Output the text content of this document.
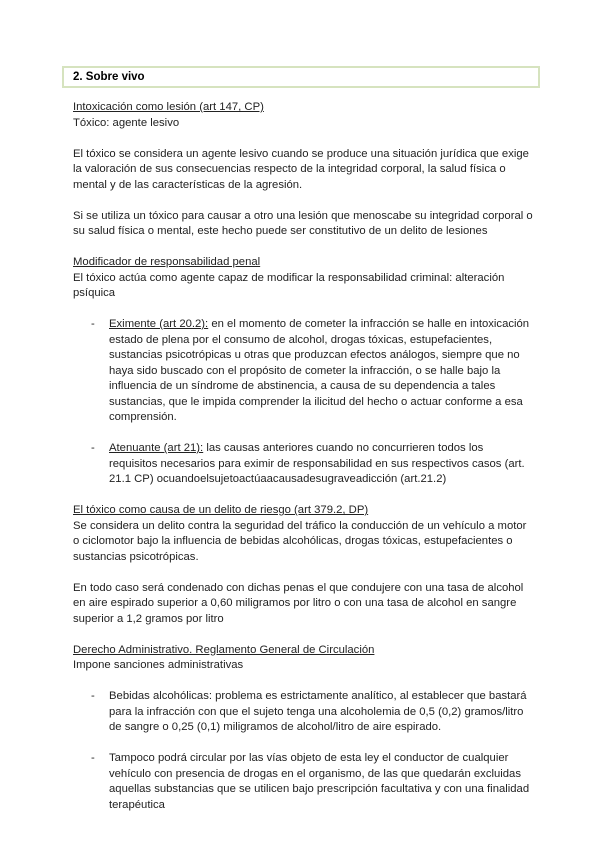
2. Sobre vivo

Intoxicación como lesión (art 147, CP)

Tóxico: agente lesivo

El tóxico se considera un agente lesivo cuando se produce una situación jurídica que exige la valoración de sus consecuencias respecto de la integridad corporal, la salud física o mental y de las características de la agresión.

Si se utiliza un tóxico para causar a otro una lesión que menoscabe su integridad corporal o su salud física o mental, este hecho puede ser constitutivo de un delito de lesiones

Modificador de responsabilidad penal

El tóxico actúa como agente capaz de modificar la responsabilidad criminal: alteración psíquica

- Eximente (art 20.2): en el momento de cometer la infracción se halle en intoxicación estado de plena por el consumo de alcohol, drogas tóxicas, estupefacientes, sustancias psicotrópicas u otras que produzcan efectos análogos, siempre que no haya sido buscado con el propósito de cometer la infracción, o se halle bajo la influencia de un síndrome de abstinencia, a causa de su dependencia a tales sustancias, que le impida comprender la ilicitud del hecho o actuar conforme a esa comprensión.
- Atenuante (art 21): las causas anteriores cuando no concurrieren todos los requisitos necesarios para eximir de responsabilidad en sus respectivos casos (art. 21.1 CP) ocuandoelsujetoactúaacausadesugraveadicción (art.21.2)

El tóxico como causa de un delito de riesgo (art 379.2, DP)

Se considera un delito contra la seguridad del tráfico la conducción de un vehículo a motor o ciclomotor bajo la influencia de bebidas alcohólicas, drogas tóxicas, estupefacientes o sustancias psicotrópicas.

En todo caso será condenado con dichas penas el que condujere con una tasa de alcohol en aire espirado superior a 0,60 miligramos por litro o con una tasa de alcohol en sangre superior a 1,2 gramos por litro

Derecho Administrativo. Reglamento General de Circulación

Impone sanciones administrativas

- Bebidas alcohólicas: problema es estrictamente analítico, al establecer que bastará para la infracción con que el sujeto tenga una alcoholemia de 0,5 (0,2) gramos/litro de sangre o 0,25 (0,1) miligramos de alcohol/litro de aire espirado.
- Tampoco podrá circular por las vías objeto de esta ley el conductor de cualquier vehículo con presencia de drogas en el organismo, de las que quedarán excluidas aquellas substancias que se utilicen bajo prescripción facultativa y con una finalidad terapéutica
